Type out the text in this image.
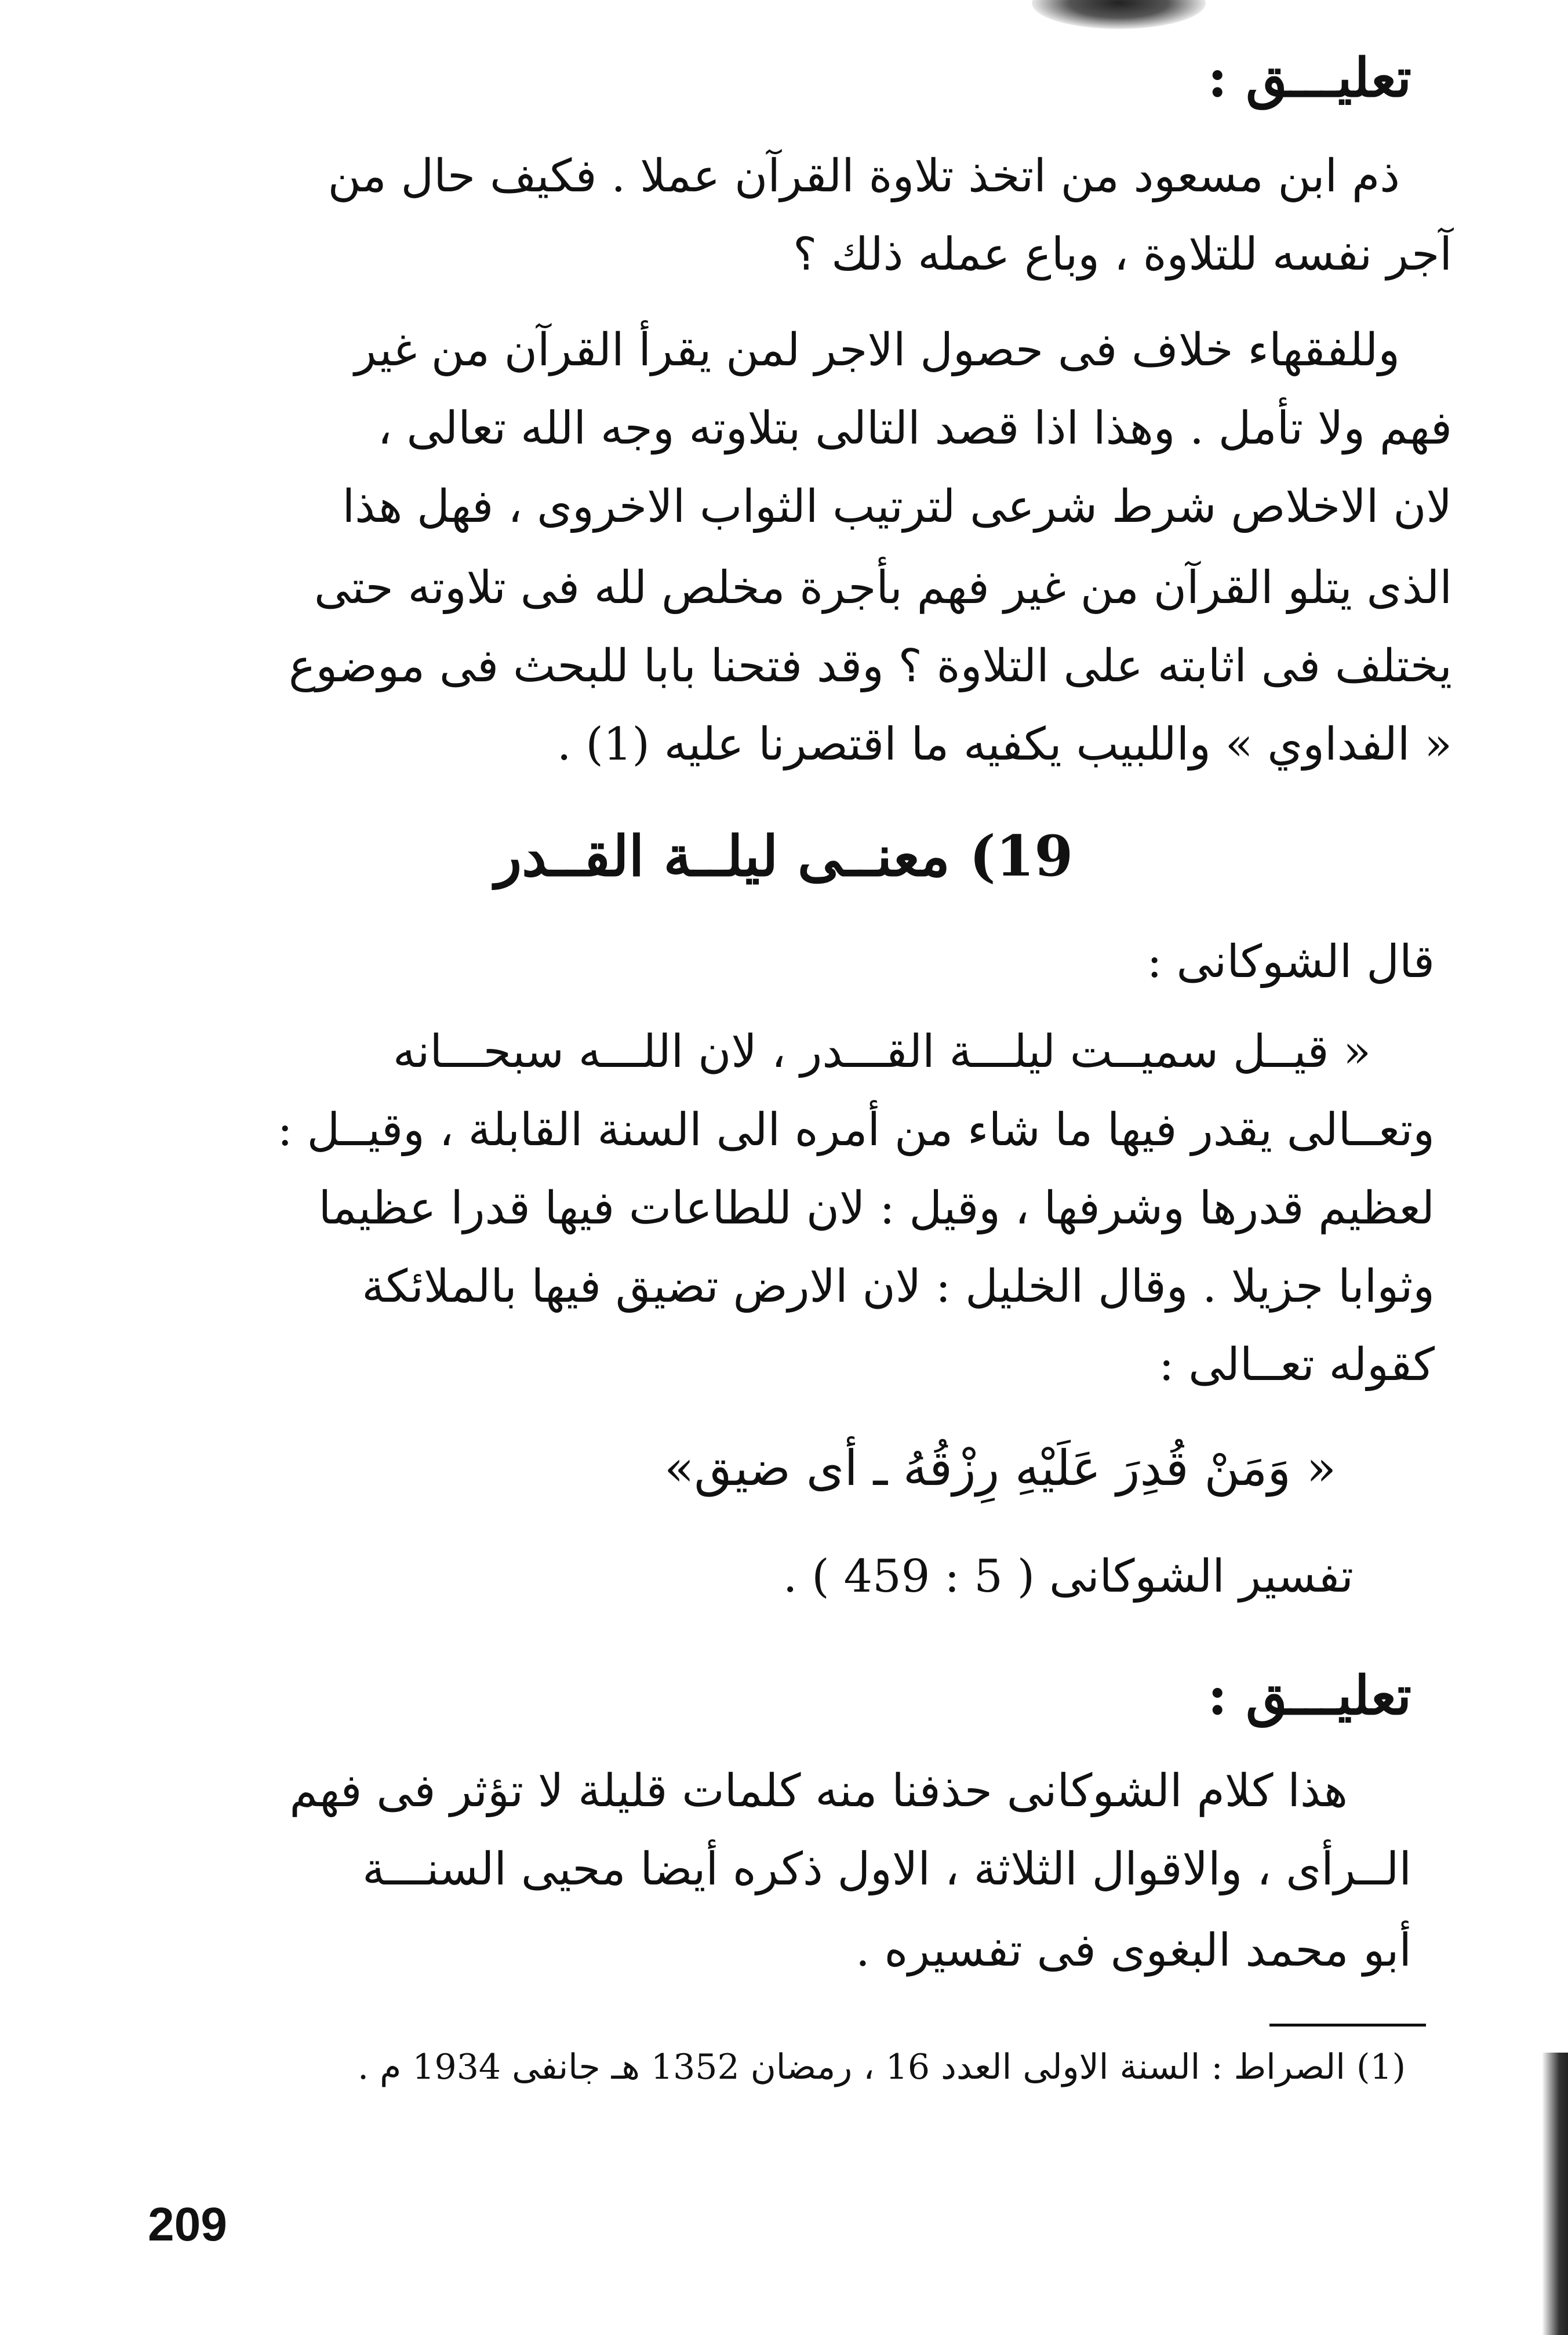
تعليـــق :
ذم ابن مسعود من اتخذ تلاوة القرآن عملا . فكيف حال من
آجر نفسه للتلاوة ، وباع عمله ذلك ؟
وللفقهاء خلاف فى حصول الاجر لمن يقرأ القرآن من غير
فهم ولا تأمل . وهذا اذا قصد التالى بتلاوته وجه الله تعالى ،
لان الاخلاص شرط شرعى لترتيب الثواب الاخروى ، فهل هذا
الذى يتلو القرآن من غير فهم بأجرة مخلص لله فى تلاوته حتى
يختلف فى اثابته على التلاوة ؟ وقد فتحنا بابا للبحث فى موضوع
« الفداوي » واللبيب يكفيه ما اقتصرنا عليه (1) .
19) معنــى ليلــة القــدر
قال الشوكانى :
« قيــل سميــت ليلـــة القـــدر ، لان اللـــه سبحـــانه
وتعــالى يقدر فيها ما شاء من أمره الى السنة القابلة ، وقيــل :
لعظيم قدرها وشرفها ، وقيل : لان للطاعات فيها قدرا عظيما
وثوابا جزيلا . وقال الخليل : لان الارض تضيق فيها بالملائكة
كقوله تعــالى :
« وَمَنْ قُدِرَ عَلَيْهِ رِزْقُهُ ـ أى ضيق»
تفسير الشوكانى ( 5 : 459 ) .
تعليـــق :
هذا كلام الشوكانى حذفنا منه كلمات قليلة لا تؤثر فى فهم
الــرأى ، والاقوال الثلاثة ، الاول ذكره أيضا محيى السنـــة
أبو محمد البغوى فى تفسيره .
(1) الصراط : السنة الاولى العدد 16 ، رمضان 1352 هـ جانفى 1934 م .
209
